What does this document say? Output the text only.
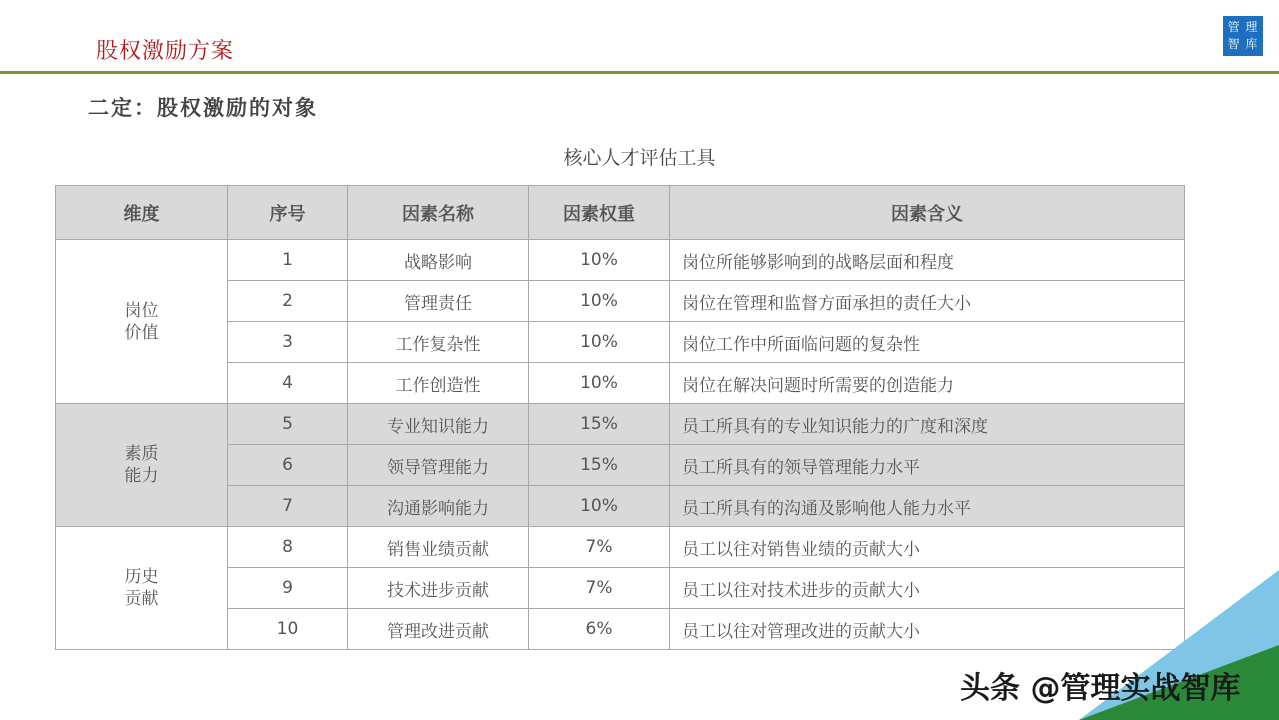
股权激励方案
管 理
智 库
二定：股权激励的对象
核心人才评估工具
维度	序号	因素名称	因素权重	因素含义

岗位
价值	1	战略影响	10%	岗位所能够影响到的战略层面和程度
	2	管理责任	10%	岗位在管理和监督方面承担的责任大小
	3	工作复杂性	10%	岗位工作中所面临问题的复杂性
	4	工作创造性	10%	岗位在解决问题时所需要的创造能力

素质
能力	5	专业知识能力	15%	员工所具有的专业知识能力的广度和深度
	6	领导管理能力	15%	员工所具有的领导管理能力水平
	7	沟通影响能力	10%	员工所具有的沟通及影响他人能力水平

历史
贡献	8	销售业绩贡献	7%	员工以往对销售业绩的贡献大小
	9	技术进步贡献	7%	员工以往对技术进步的贡献大小
	10	管理改进贡献	6%	员工以往对管理改进的贡献大小
头条 @管理实战智库
